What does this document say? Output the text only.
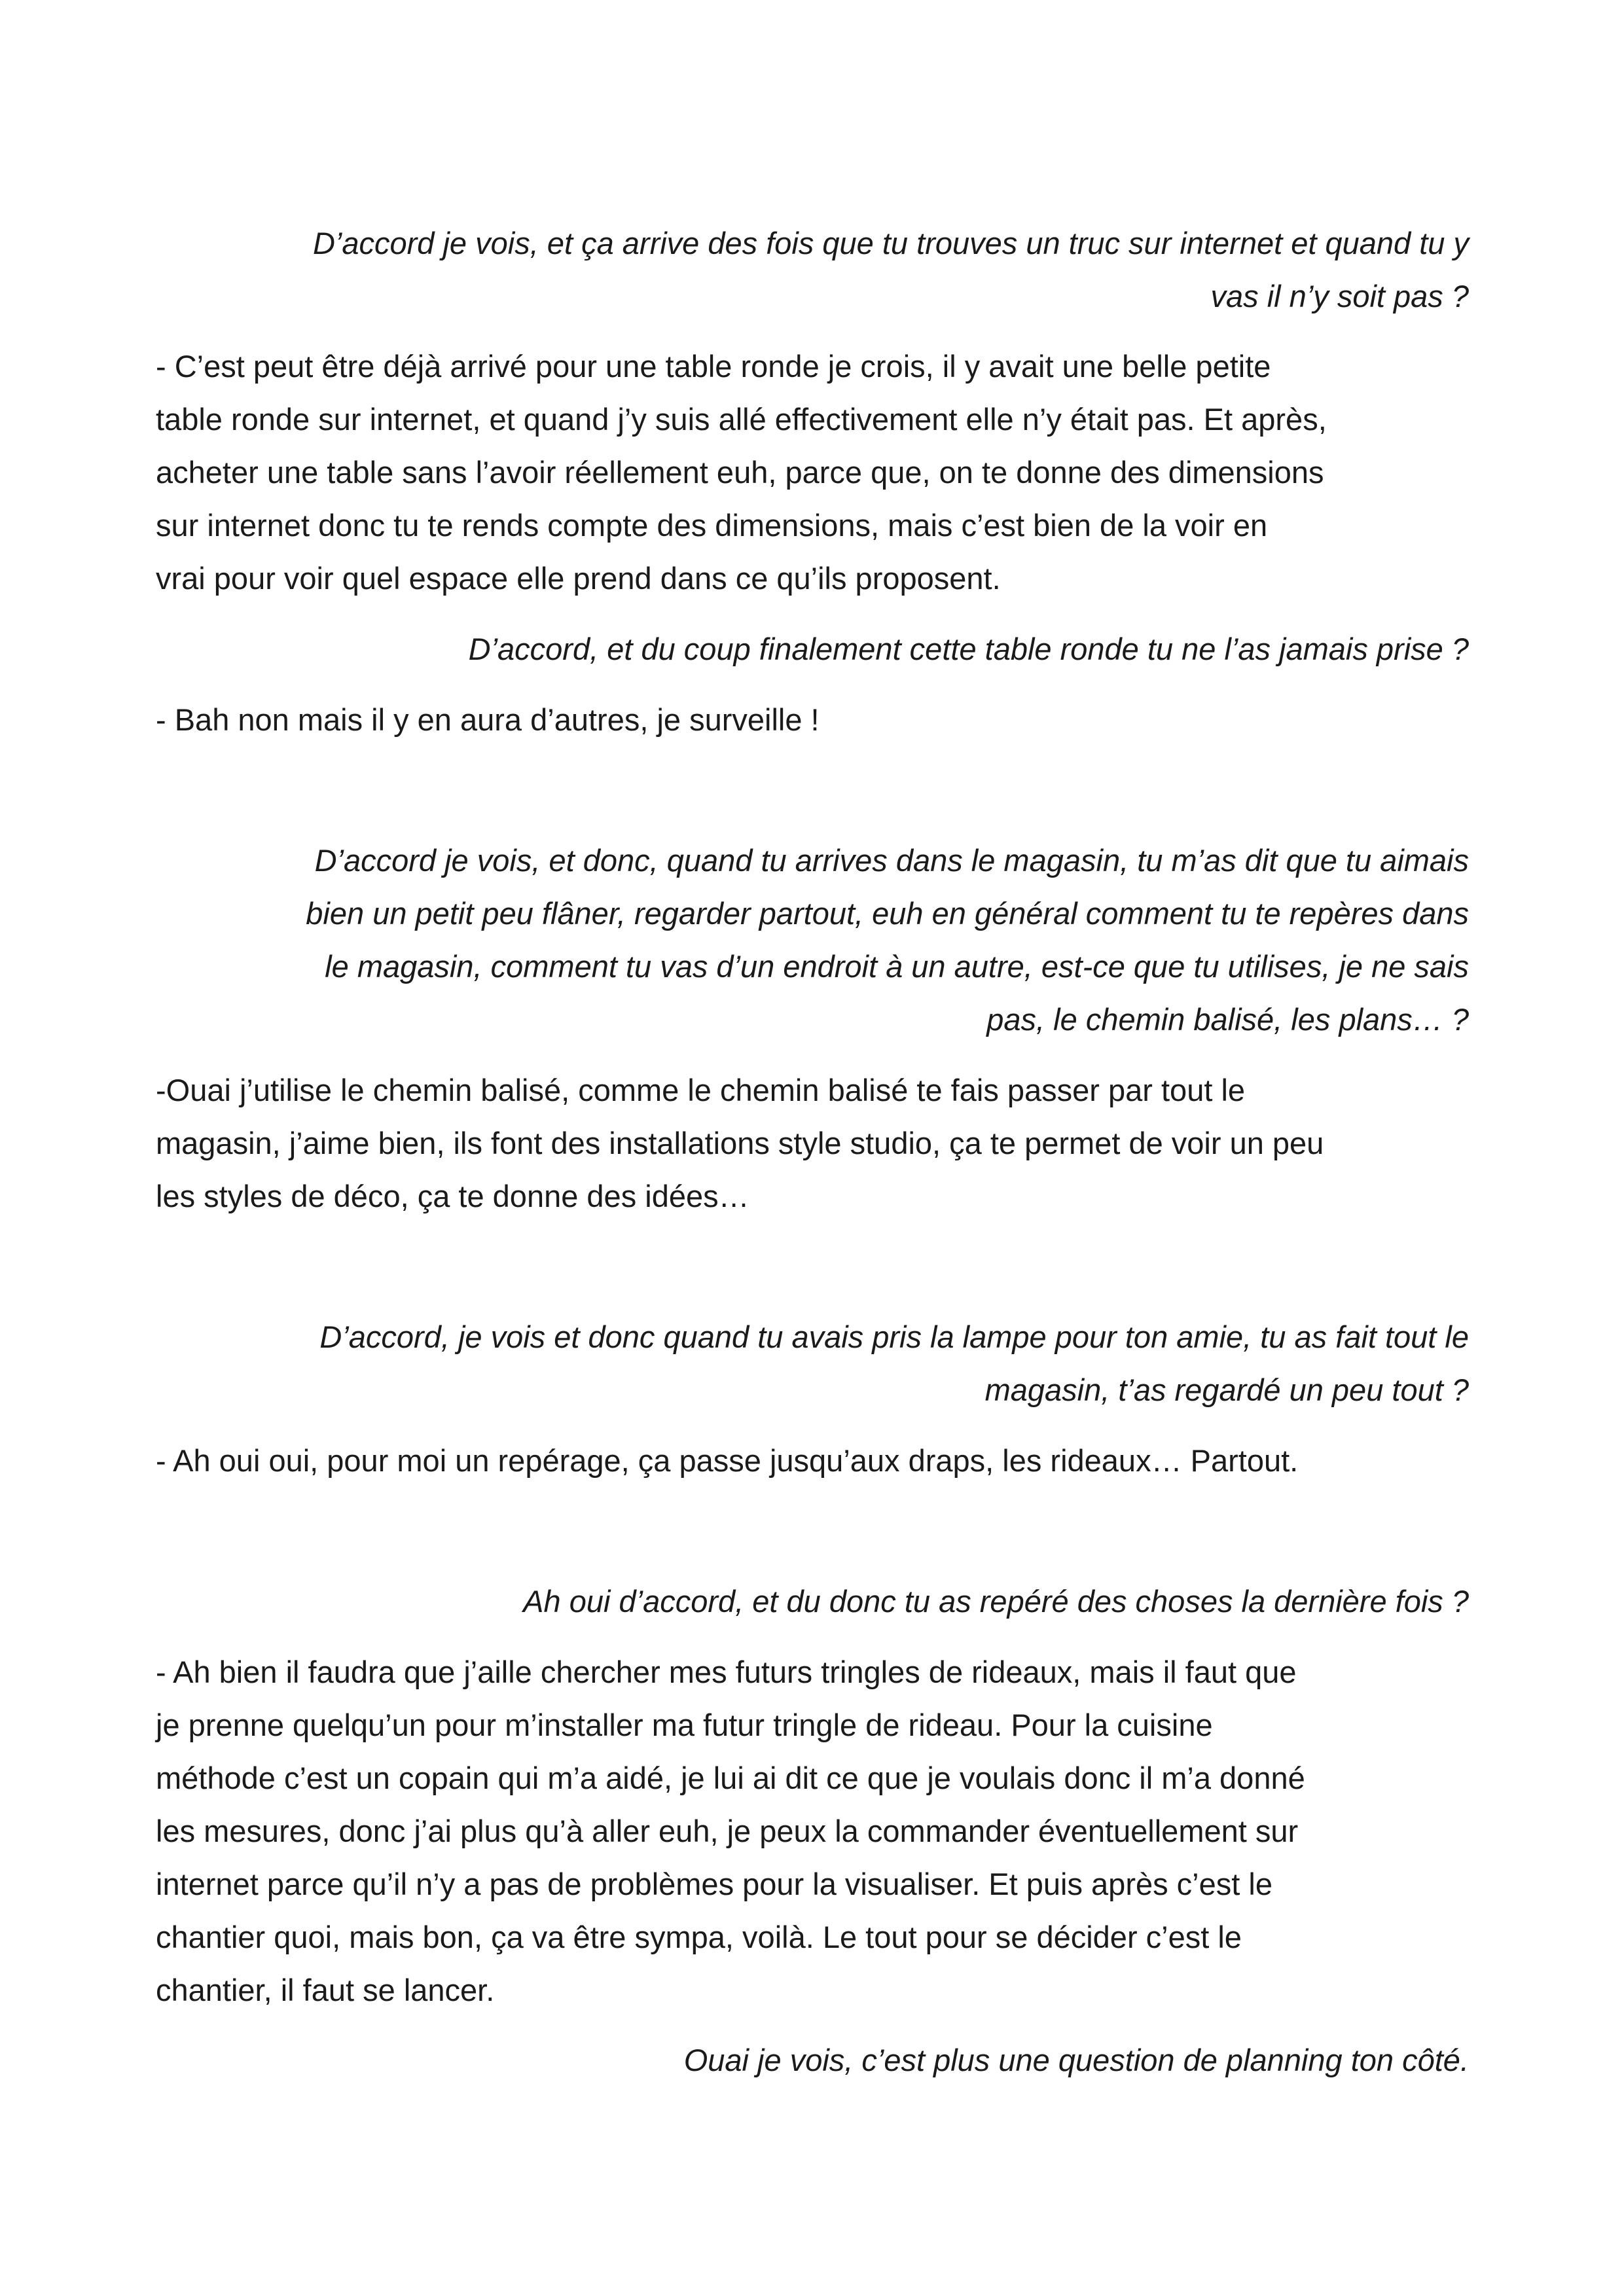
D’accord je vois, et ça arrive des fois que tu trouves un truc sur internet et quand tu y

vas il n’y soit pas ?

- C’est peut être déjà arrivé pour une table ronde je crois, il y avait une belle petite

table ronde sur internet, et quand j’y suis allé effectivement elle n’y était pas. Et après,

acheter une table sans l’avoir réellement euh, parce que, on te donne des dimensions

sur internet donc tu te rends compte des dimensions, mais c’est bien de la voir en

vrai pour voir quel espace elle prend dans ce qu’ils proposent.

D’accord, et du coup finalement cette table ronde tu ne l’as jamais prise ?

- Bah non mais il y en aura d’autres, je surveille !

D’accord je vois, et donc, quand tu arrives dans le magasin, tu m’as dit que tu aimais

bien un petit peu flâner, regarder partout, euh en général comment tu te repères dans

le magasin, comment tu vas d’un endroit à un autre, est-ce que tu utilises, je ne sais

pas, le chemin balisé, les plans… ?

-Ouai j’utilise le chemin balisé, comme le chemin balisé te fais passer par tout le

magasin, j’aime bien, ils font des installations style studio, ça te permet de voir un peu

les styles de déco, ça te donne des idées…

D’accord, je vois et donc quand tu avais pris la lampe pour ton amie, tu as fait tout le

magasin, t’as regardé un peu tout ?

- Ah oui oui, pour moi un repérage, ça passe jusqu’aux draps, les rideaux… Partout.

Ah oui d’accord, et du donc tu as repéré des choses la dernière fois ?

- Ah bien il faudra que j’aille chercher mes futurs tringles de rideaux, mais il faut que

je prenne quelqu’un pour m’installer ma futur tringle de rideau. Pour la cuisine

méthode c’est un copain qui m’a aidé, je lui ai dit ce que je voulais donc il m’a donné

les mesures, donc j’ai plus qu’à aller euh, je peux la commander éventuellement sur

internet parce qu’il n’y a pas de problèmes pour la visualiser. Et puis après c’est le

chantier quoi, mais bon, ça va être sympa, voilà. Le tout pour se décider c’est le

chantier, il faut se lancer.

Ouai je vois, c’est plus une question de planning ton côté.
